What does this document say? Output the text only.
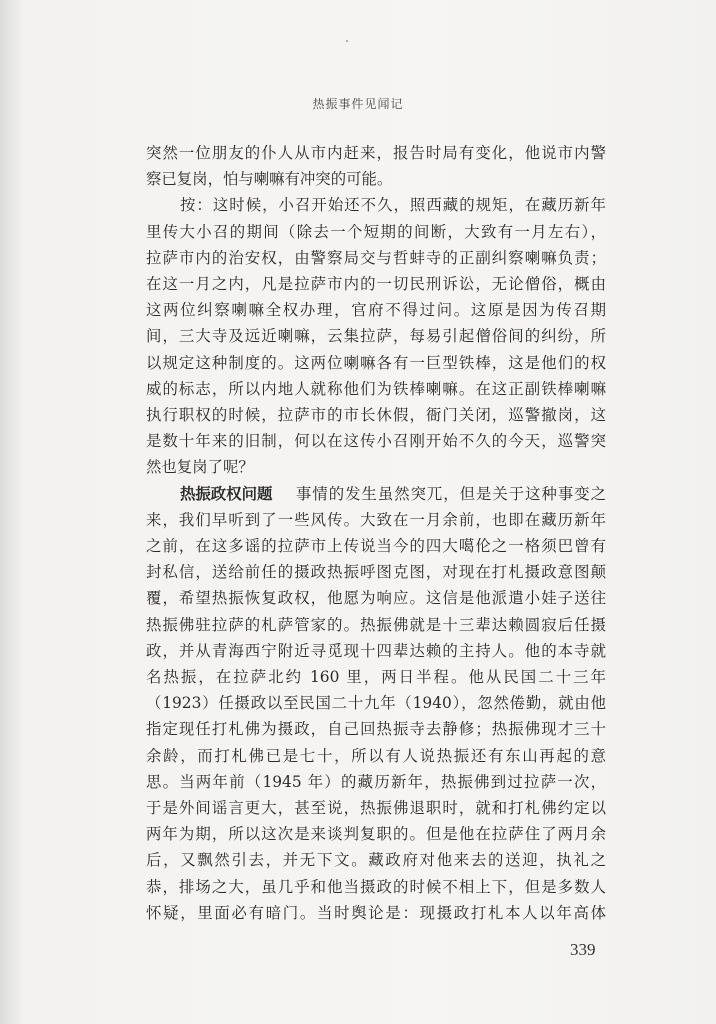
热振事件见闻记
突然一位朋友的仆人从市内赶来，报告时局有变化，他说市内警
察已复岗，怕与喇嘛有冲突的可能。
按：这时候，小召开始还不久，照西藏的规矩，在藏历新年
里传大小召的期间（除去一个短期的间断，大致有一月左右），
拉萨市内的治安权，由警察局交与哲蚌寺的正副纠察喇嘛负责；
在这一月之内，凡是拉萨市内的一切民刑诉讼，无论僧俗，概由
这两位纠察喇嘛全权办理，官府不得过问。这原是因为传召期
间，三大寺及远近喇嘛，云集拉萨，每易引起僧俗间的纠纷，所
以规定这种制度的。这两位喇嘛各有一巨型铁棒，这是他们的权
威的标志，所以内地人就称他们为铁棒喇嘛。在这正副铁棒喇嘛
执行职权的时候，拉萨市的市长休假，衙门关闭，巡警撤岗，这
是数十年来的旧制，何以在这传小召刚开始不久的今天，巡警突
然也复岗了呢？
热振政权问题	事情的发生虽然突兀，但是关于这种事变之
来，我们早听到了一些风传。大致在一月余前，也即在藏历新年
之前，在这多谣的拉萨市上传说当今的四大噶伦之一格须巴曾有
封私信，送给前任的摄政热振呼图克图，对现在打札摄政意图颠
覆，希望热振恢复政权，他愿为响应。这信是他派遣小娃子送往
热振佛驻拉萨的札萨管家的。热振佛就是十三辈达赖圆寂后任摄
政，并从青海西宁附近寻觅现十四辈达赖的主持人。他的本寺就
名热振，在拉萨北约 160 里，两日半程。他从民国二十三年
（1923）任摄政以至民国二十九年（1940），忽然倦勤，就由他
指定现任打札佛为摄政，自己回热振寺去静修；热振佛现才三十
余龄，而打札佛已是七十，所以有人说热振还有东山再起的意
思。当两年前（1945 年）的藏历新年，热振佛到过拉萨一次，
于是外间谣言更大，甚至说，热振佛退职时，就和打札佛约定以
两年为期，所以这次是来谈判复职的。但是他在拉萨住了两月余
后，又飘然引去，并无下文。藏政府对他来去的送迎，执礼之
恭，排场之大，虽几乎和他当摄政的时候不相上下，但是多数人
怀疑，里面必有暗门。当时舆论是：现摄政打札本人以年高体
339
